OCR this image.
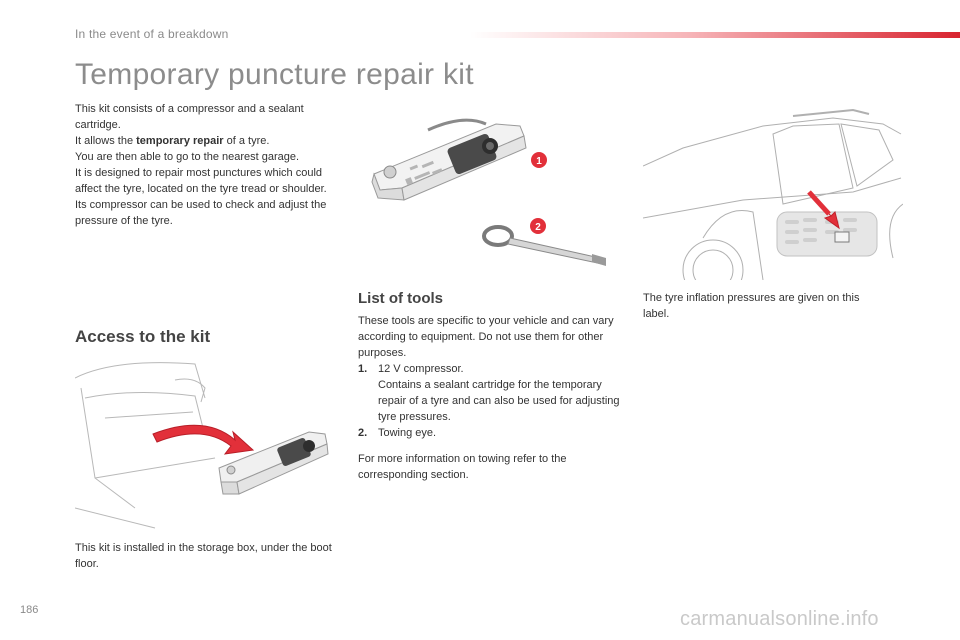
In the event of a breakdown
Temporary puncture repair kit
This kit consists of a compressor and a sealant cartridge.
It allows the temporary repair of a tyre.
You are then able to go to the nearest garage.
It is designed to repair most punctures which could affect the tyre, located on the tyre tread or shoulder.
Its compressor can be used to check and adjust the pressure of the tyre.
1
2
List of tools	The tyre inflation pressures are given on this label.
These tools are specific to your vehicle and can vary according to equipment. Do not use them for other purposes.
Access to the kit
1. 12 V compressor.
Contains a sealant cartridge for the temporary repair of a tyre and can also be used for adjusting tyre pressures.
2. Towing eye.
For more information on towing refer to the corresponding section.
This kit is installed in the storage box, under the boot floor.
186	carmanualsonline.info
